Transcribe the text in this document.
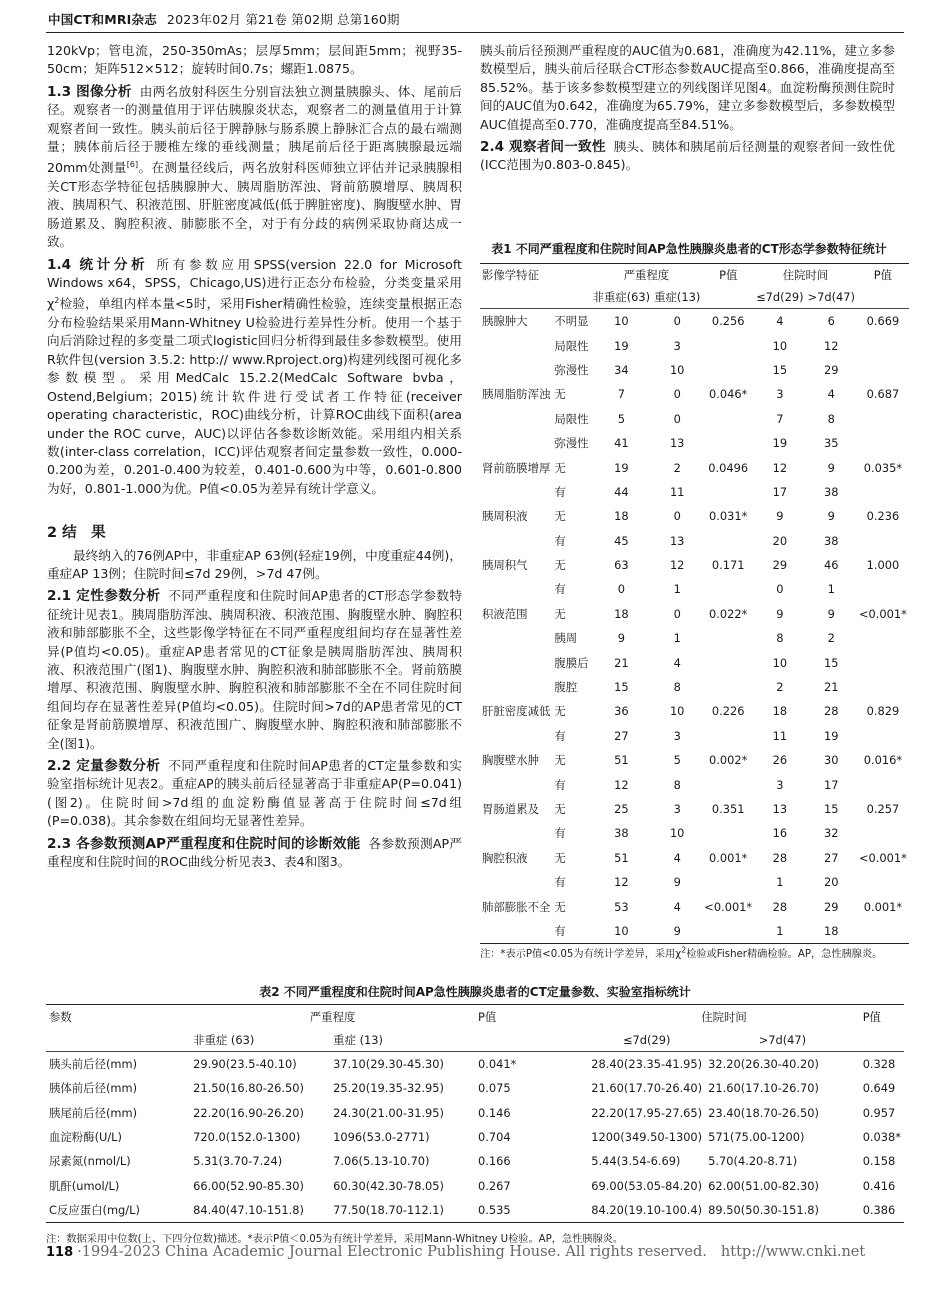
中国CT和MRI杂志 2023年02月 第21卷 第02期 总第160期

120kVp；管电流，250-350mAs；层厚5mm；层间距5mm；视野35-50cm；矩阵512×512；旋转时间0.7s；螺距1.0875。

1.3 图像分析 由两名放射科医生分别盲法独立测量胰腺头、体、尾前后径。观察者一的测量值用于评估胰腺炎状态，观察者二的测量值用于计算观察者间一致性。胰头前后径于脾静脉与肠系膜上静脉汇合点的最右端测量；胰体前后径于腰椎左缘的垂线测量；胰尾前后径于距离胰腺最远端20mm处测量[6]。在测量径线后，两名放射科医师独立评估并记录胰腺相关CT形态学特征包括胰腺肿大、胰周脂肪浑浊、肾前筋膜增厚、胰周积液、胰周积气、积液范围、肝脏密度减低(低于脾脏密度)、胸腹壁水肿、胃肠道累及、胸腔积液、肺膨胀不全，对于有分歧的病例采取协商达成一致。

1.4 统计分析 所有参数应用SPSS(version 22.0 for Microsoft Windows x64，SPSS，Chicago,US)进行正态分布检验，分类变量采用$\chi^2$检验，单组内样本量<5时，采用Fisher精确性检验，连续变量根据正态分布检验结果采用Mann-Whitney U检验进行差异性分析。使用一个基于向后消除过程的多变量二项式logistic回归分析得到最佳多参数模型。使用R软件包(version 3.5.2: http:// www.Rproject.org)构建列线图可视化多参数模型。采用MedCalc 15.2.2(MedCalc Software bvba，Ostend,Belgium；2015)统计软件进行受试者工作特征(receiver operating characteristic，ROC)曲线分析，计算ROC曲线下面积(area under the ROC curve，AUC)以评估各参数诊断效能。采用组内相关系数(inter-class correlation，ICC)评估观察者间定量参数一致性，0.000-0.200为差，0.201-0.400为较差，0.401-0.600为中等，0.601-0.800为好，0.801-1.000为优。P值<0.05为差异有统计学意义。

2 结　果

最终纳入的76例AP中，非重症AP 63例(轻症19例，中度重症44例)，重症AP 13例；住院时间≤7d 29例，>7d 47例。

2.1 定性参数分析 不同严重程度和住院时间AP患者的CT形态学参数特征统计见表1。胰周脂肪浑浊、胰周积液、积液范围、胸腹壁水肿、胸腔积液和肺部膨胀不全，这些影像学特征在不同严重程度组间均存在显著性差异(P值均<0.05)。重症AP患者常见的CT征象是胰周脂肪浑浊、胰周积液、积液范围广(图1)、胸腹壁水肿、胸腔积液和肺部膨胀不全。肾前筋膜增厚、积液范围、胸腹壁水肿、胸腔积液和肺部膨胀不全在不同住院时间组间均存在显著性差异(P值均<0.05)。住院时间>7d的AP患者常见的CT征象是肾前筋膜增厚、积液范围广、胸腹壁水肿、胸腔积液和肺部膨胀不全(图1)。

2.2 定量参数分析 不同严重程度和住院时间AP患者的CT定量参数和实验室指标统计见表2。重症AP的胰头前后径显著高于非重症AP(P=0.041)(图2)。住院时间>7d组的血淀粉酶值显著高于住院时间≤7d组(P=0.038)。其余参数在组间均无显著性差异。

2.3 各参数预测AP严重程度和住院时间的诊断效能 各参数预测AP严重程度和住院时间的ROC曲线分析见表3、表4和图3。

胰头前后径预测严重程度的AUC值为0.681，准确度为42.11%，建立多参数模型后，胰头前后径联合CT形态参数AUC提高至0.866，准确度提高至85.52%。基于该多参数模型建立的列线图详见图4。血淀粉酶预测住院时间的AUC值为0.642，准确度为65.79%，建立多参数模型后，多参数模型AUC值提高至0.770，准确度提高至84.51%。

2.4 观察者间一致性 胰头、胰体和胰尾前后径测量的观察者间一致性优(ICC范围为0.803-0.845)。

表1 不同严重程度和住院时间AP急性胰腺炎患者的CT形态学参数特征统计
影像学特征		严重程度		P值	住院时间		P值
		非重症(63)	重症(13)		≤7d(29)	>7d(47)	
胰腺肿大	不明显	10	0	0.256	4	6	0.669
	局限性	19	3		10	12	
	弥漫性	34	10		15	29	
胰周脂肪浑浊	无	7	0	0.046*	3	4	0.687
	局限性	5	0		7	8	
	弥漫性	41	13		19	35	
肾前筋膜增厚	无	19	2	0.0496	12	9	0.035*
	有	44	11		17	38	
胰周积液	无	18	0	0.031*	9	9	0.236
	有	45	13		20	38	
胰周积气	无	63	12	0.171	29	46	1.000
	有	0	1		0	1	
积液范围	无	18	0	0.022*	9	9	<0.001*
	胰周	9	1		8	2	
	腹膜后	21	4		10	15	
	腹腔	15	8		2	21	
肝脏密度减低	无	36	10	0.226	18	28	0.829
	有	27	3		11	19	
胸腹壁水肿	无	51	5	0.002*	26	30	0.016*
	有	12	8		3	17	
胃肠道累及	无	25	3	0.351	13	15	0.257
	有	38	10		16	32	
胸腔积液	无	51	4	0.001*	28	27	<0.001*
	有	12	9		1	20	
肺部膨胀不全	无	53	4	<0.001*	28	29	0.001*
	有	10	9		1	18	
注：*表示P值<0.05为有统计学差异，采用$\chi^2$检验或Fisher精确检验。AP，急性胰腺炎。
表2 不同严重程度和住院时间AP急性胰腺炎患者的CT定量参数、实验室指标统计
参数	严重程度		P值	住院时间		P值
	非重症 (63)	重症 (13)		≤7d(29)	>7d(47)	
胰头前后径(mm)	29.90(23.5-40.10)	37.10(29.30-45.30)	0.041*	28.40(23.35-41.95)	32.20(26.30-40.20)	0.328
胰体前后径(mm)	21.50(16.80-26.50)	25.20(19.35-32.95)	0.075	21.60(17.70-26.40)	21.60(17.10-26.70)	0.649
胰尾前后径(mm)	22.20(16.90-26.20)	24.30(21.00-31.95)	0.146	22.20(17.95-27.65)	23.40(18.70-26.50)	0.957
血淀粉酶(U/L)	720.0(152.0-1300)	1096(53.0-2771)	0.704	1200(349.50-1300)	571(75.00-1200)	0.038*
尿素氮(nmol/L)	5.31(3.70-7.24)	7.06(5.13-10.70)	0.166	5.44(3.54-6.69)	5.70(4.20-8.71)	0.158
肌酐(umol/L)	66.00(52.90-85.30)	60.30(42.30-78.05)	0.267	69.00(53.05-84.20)	62.00(51.00-82.30)	0.416
C反应蛋白(mg/L)	84.40(47.10-151.8)	77.50(18.70-112.1)	0.535	84.20(19.10-100.4)	89.50(50.30-151.8)	0.386
注：数据采用中位数(上、下四分位数)描述。*表示P值＜0.05为有统计学差异，采用Mann-Whitney U检验。AP，急性胰腺炎。
118 ·1994-2023 China Academic Journal Electronic Publishing House. All rights reserved. http://www.cnki.net
